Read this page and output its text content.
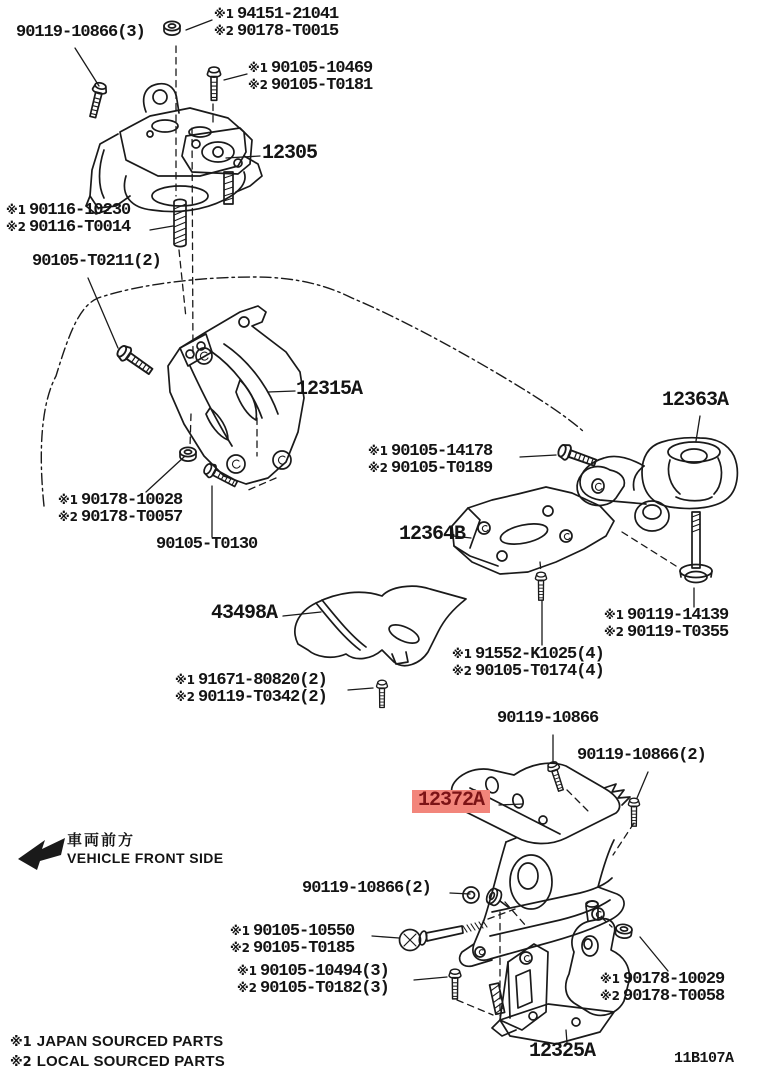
90119-10866(3)
※1 94151-21041
※2 90178-T0015
※1 90105-10469
※2 90105-T0181
12305
※1 90116-10230
※2 90116-T0014
90105-T0211(2)
12315A	12363A
※1 90105-14178
※2 90105-T0189
12364B
※1 90178-10028
※2 90178-T0057
90105-T0130
43498A	※1 90119-14139
※2 90119-T0355
※1 91552-K1025(4)
※2 90105-T0174(4)
※1 91671-80820(2)
※2 90119-T0342(2)
90119-10866
90119-10866(2)
12372A
90119-10866(2)
※1 90105-10550
※2 90105-T0185
※1 90105-10494(3)
※2 90105-T0182(3)
※1 90178-10029
※2 90178-T0058
12325A
車両前方
VEHICLE FRONT SIDE
※1 JAPAN SOURCED PARTS
※2 LOCAL SOURCED PARTS	11B107A
